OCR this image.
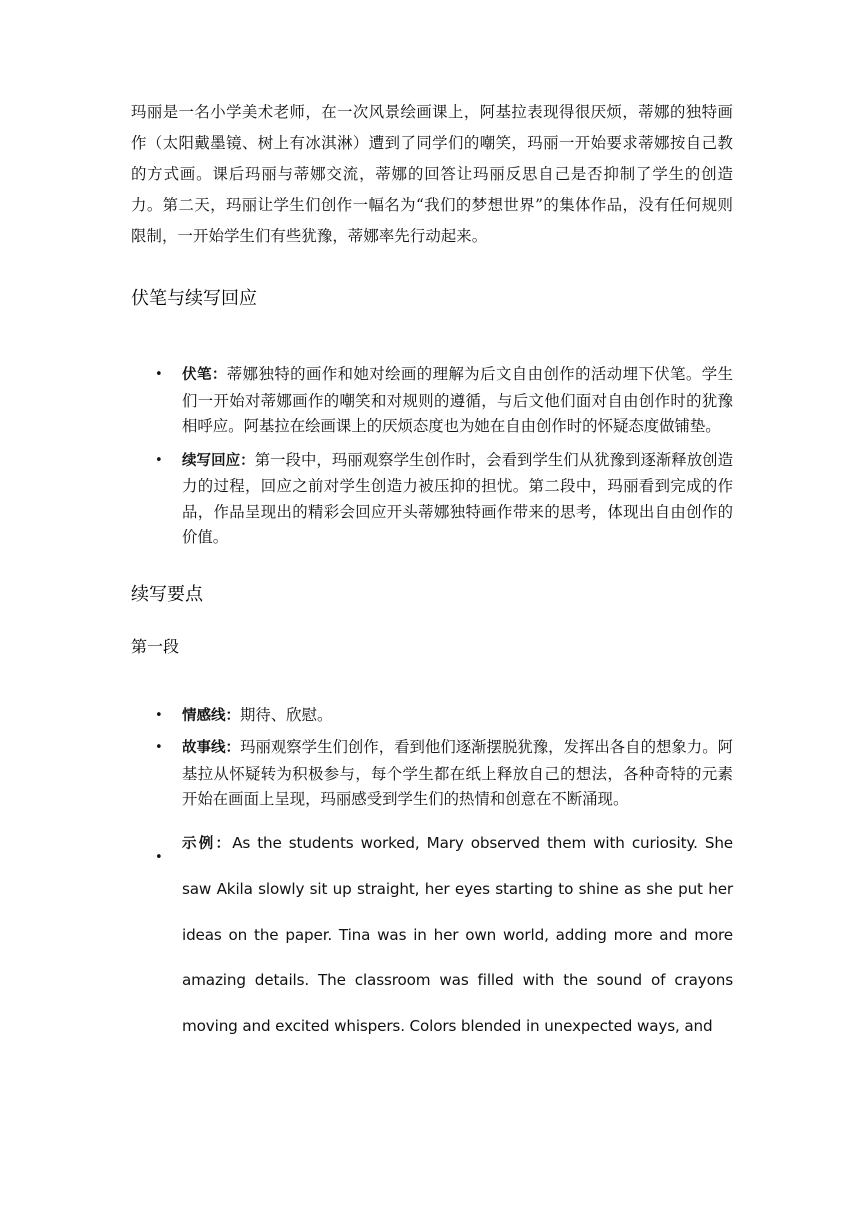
玛丽是一名小学美术老师，在一次风景绘画课上，阿基拉表现得很厌烦，蒂娜的独特画作（太阳戴墨镜、树上有冰淇淋）遭到了同学们的嘲笑，玛丽一开始要求蒂娜按自己教的方式画。课后玛丽与蒂娜交流，蒂娜的回答让玛丽反思自己是否抑制了学生的创造力。第二天，玛丽让学生们创作一幅名为“我们的梦想世界”的集体作品，没有任何规则限制，一开始学生们有些犹豫，蒂娜率先行动起来。

伏笔与续写回应
• 伏笔：蒂娜独特的画作和她对绘画的理解为后文自由创作的活动埋下伏笔。学生们一开始对蒂娜画作的嘲笑和对规则的遵循，与后文他们面对自由创作时的犹豫相呼应。阿基拉在绘画课上的厌烦态度也为她在自由创作时的怀疑态度做铺垫。
• 续写回应：第一段中，玛丽观察学生创作时，会看到学生们从犹豫到逐渐释放创造力的过程，回应之前对学生创造力被压抑的担忧。第二段中，玛丽看到完成的作品，作品呈现出的精彩会回应开头蒂娜独特画作带来的思考，体现出自由创作的价值。
续写要点
第一段
• 情感线：期待、欣慰。
• 故事线：玛丽观察学生们创作，看到他们逐渐摆脱犹豫，发挥出各自的想象力。阿基拉从怀疑转为积极参与，每个学生都在纸上释放自己的想法，各种奇特的元素开始在画面上呈现，玛丽感受到学生们的热情和创意在不断涌现。
•
示例：As the students worked, Mary observed them with curiosity. She saw Akila slowly sit up straight, her eyes starting to shine as she put her ideas on the paper. Tina was in her own world, adding more and more amazing details. The classroom was filled with the sound of crayons moving and excited whispers. Colors blended in unexpected ways, and
